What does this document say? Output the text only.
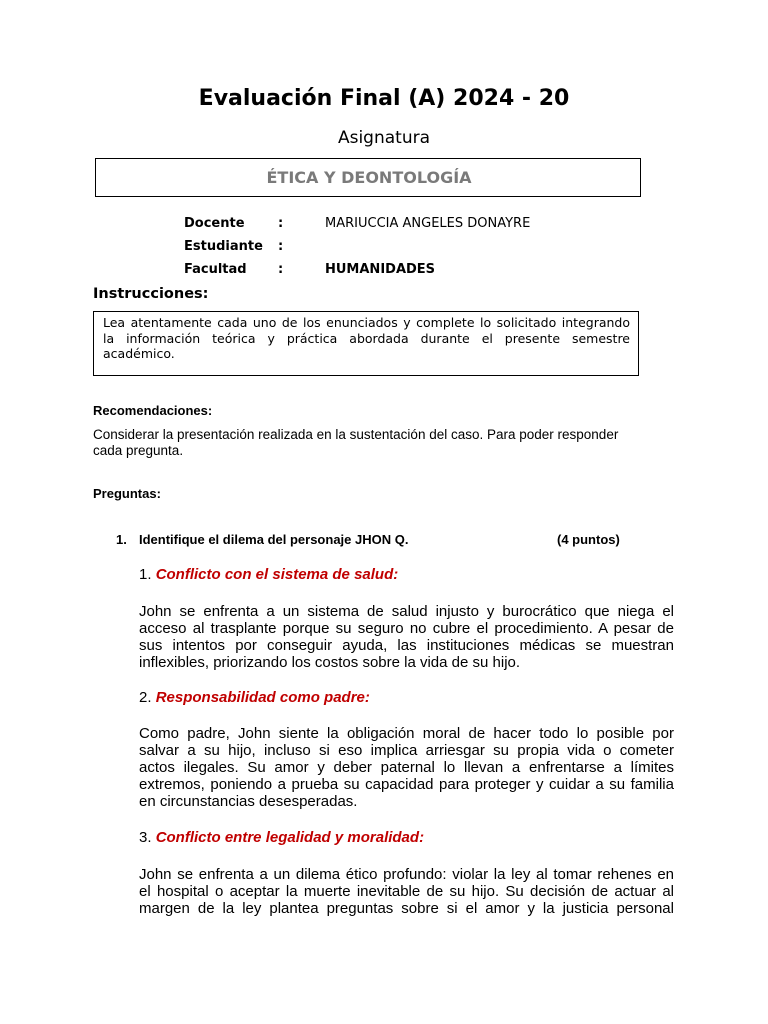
Evaluación Final (A) 2024 - 20
Asignatura
ÉTICA Y DEONTOLOGÍA
Docente	:	MARIUCCIA ANGELES DONAYRE
Estudiante :
Facultad :	HUMANIDADES
Instrucciones:
Lea atentamente cada uno de los enunciados y complete lo solicitado integrando
la información teórica y práctica abordada durante el presente semestre
académico.
Recomendaciones:
Considerar la presentación realizada en la sustentación del caso. Para poder responder
cada pregunta.
Preguntas:
1. Identifique el dilema del personaje JHON Q.	(4 puntos)
1. Conflicto con el sistema de salud:
John se enfrenta a un sistema de salud injusto y burocrático que niega el
acceso al trasplante porque su seguro no cubre el procedimiento. A pesar de
sus intentos por conseguir ayuda, las instituciones médicas se muestran
inflexibles, priorizando los costos sobre la vida de su hijo.
2. Responsabilidad como padre:
Como padre, John siente la obligación moral de hacer todo lo posible por
salvar a su hijo, incluso si eso implica arriesgar su propia vida o cometer
actos ilegales. Su amor y deber paternal lo llevan a enfrentarse a límites
extremos, poniendo a prueba su capacidad para proteger y cuidar a su familia
en circunstancias desesperadas.
3. Conflicto entre legalidad y moralidad:
John se enfrenta a un dilema ético profundo: violar la ley al tomar rehenes en
el hospital o aceptar la muerte inevitable de su hijo. Su decisión de actuar al
margen de la ley plantea preguntas sobre si el amor y la justicia personal
